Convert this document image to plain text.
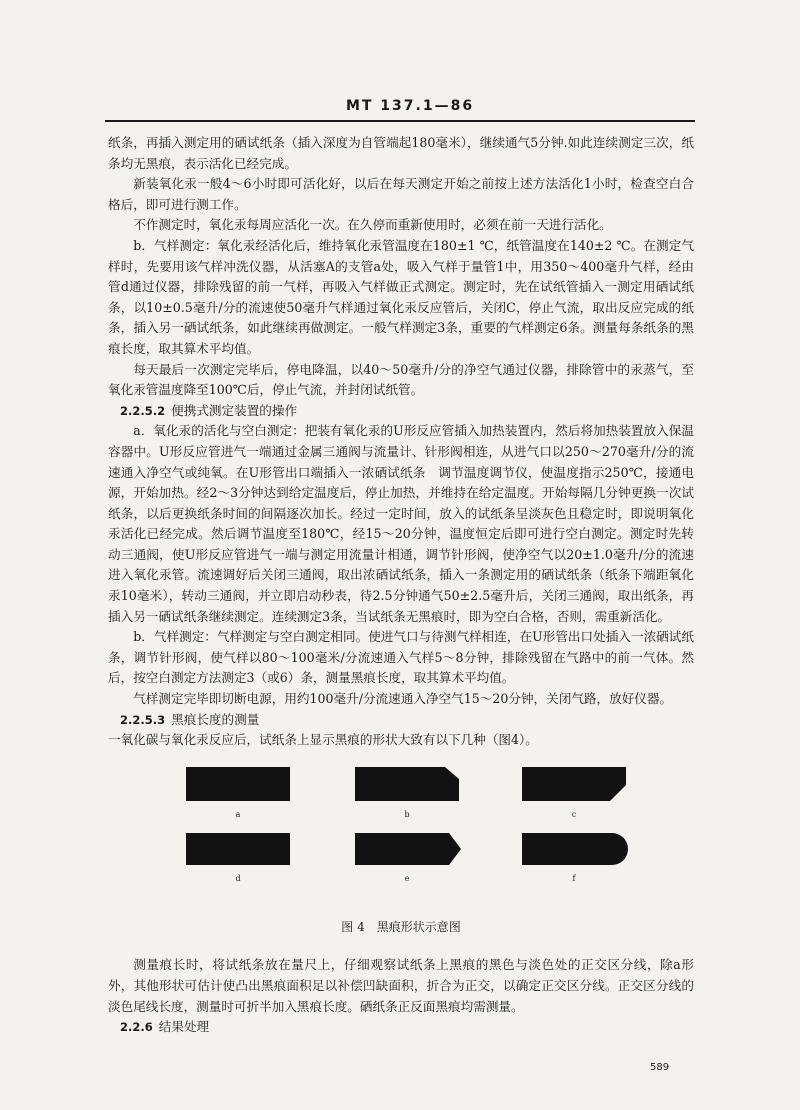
MT 137.1—86

纸条，再插入测定用的硒试纸条（插入深度为自管端起180毫米），继续通气5分钟.如此连续测定三次，纸条均无黑痕，表示活化已经完成。

新装氧化汞一般4～6小时即可活化好，以后在每天测定开始之前按上述方法活化1小时，检查空白合格后，即可进行测工作。

不作测定时，氧化汞每周应活化一次。在久停而重新使用时，必须在前一天进行活化。

b．气样测定：氧化汞经活化后，维持氧化汞管温度在180±1 ℃，纸管温度在140±2 ℃。在测定气样时，先要用该气样冲洗仪器，从活塞A的支管a处，吸入气样于量管1中，用350～400毫升气样，经由管d通过仪器，排除残留的前一气样，再吸入气样做正式测定。测定时，先在试纸管插入一测定用硒试纸条，以10±0.5毫升/分的流速使50毫升气样通过氧化汞反应管后，关闭C，停止气流，取出反应完成的纸条，插入另一硒试纸条，如此继续再做测定。一般气样测定3条，重要的气样测定6条。测量每条纸条的黑痕长度，取其算术平均值。

每天最后一次测定完毕后，停电降温，以40～50毫升/分的净空气通过仪器，排除管中的汞蒸气，至氧化汞管温度降至100℃后，停止气流，并封闭试纸管。

2.2.5.2 便携式测定装置的操作

a．氧化汞的活化与空白测定：把装有氧化汞的U形反应管插入加热装置内，然后将加热装置放入保温容器中。U形反应管进气一端通过金属三通阀与流量计、针形阀相连，从进气口以250～270毫升/分的流速通入净空气或纯氧。在U形管出口端插入一浓硒试纸条　调节温度调节仪，使温度指示250℃，接通电源，开始加热。经2～3分钟达到给定温度后，停止加热，并维持在给定温度。开始每隔几分钟更换一次试纸条，以后更换纸条时间的间隔逐次加长。经过一定时间，放入的试纸条呈淡灰色且稳定时，即说明氧化汞活化已经完成。然后调节温度至180℃，经15～20分钟，温度恒定后即可进行空白测定。测定时先转动三通阀，使U形反应管进气一端与测定用流量计相通，调节针形阀，使净空气以20±1.0毫升/分的流速进入氧化汞管。流速调好后关闭三通阀，取出浓硒试纸条，插入一条测定用的硒试纸条（纸条下端距氧化汞10毫米），转动三通阀，并立即启动秒表，待2.5分钟通气50±2.5毫升后，关闭三通阀，取出纸条，再插入另一硒试纸条继续测定。连续测定3条，当试纸条无黑痕时，即为空白合格，否则，需重新活化。

b．气样测定：气样测定与空白测定相同。使进气口与待测气样相连，在U形管出口处插入一浓硒试纸条，调节针形阀，使气样以80～100毫米/分流速通入气样5～8分钟，排除残留在气路中的前一气体。然后，按空白测定方法测定3（或6）条，测量黑痕长度，取其算术平均值。

气样测定完毕即切断电源，用约100毫升/分流速通入净空气15～20分钟，关闭气路，放好仪器。

2.2.5.3 黑痕长度的测量

一氧化碳与氧化汞反应后，试纸条上显示黑痕的形状大致有以下几种（图4）。

a	b	c
d	e	f
图 4　黑痕形状示意图

测量痕长时，将试纸条放在量尺上，仔细观察试纸条上黑痕的黑色与淡色处的正交区分线，除a形外，其他形状可估计使凸出黑痕面积足以补偿凹缺面积，折合为正交，以确定正交区分线。正交区分线的淡色尾线长度，测量时可折半加入黑痕长度。硒纸条正反面黑痕均需测量。

2.2.6 结果处理

589
